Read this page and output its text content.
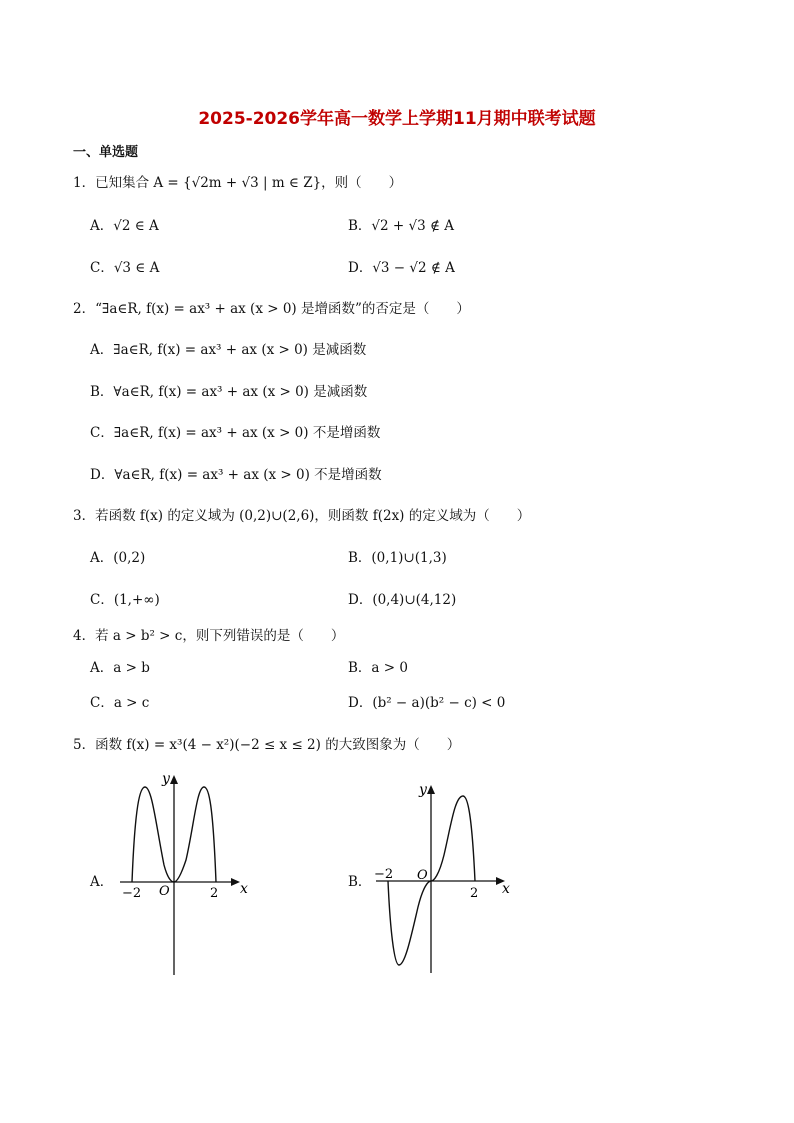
2025-2026学年高一数学上学期11月期中联考试题
一、单选题
1．已知集合 A = {√2m + √3 | m ∈ Z}，则（　　）
A．√2 ∈ A	B．√2 + √3 ∉ A
C．√3 ∈ A	D．√3 − √2 ∉ A
2．“∃a∈R, f(x) = ax³ + ax (x > 0) 是增函数”的否定是（　　）
A．∃a∈R, f(x) = ax³ + ax (x > 0) 是减函数
B．∀a∈R, f(x) = ax³ + ax (x > 0) 是减函数
C．∃a∈R, f(x) = ax³ + ax (x > 0) 不是增函数
D．∀a∈R, f(x) = ax³ + ax (x > 0) 不是增函数
3．若函数 f(x) 的定义域为 (0,2)∪(2,6)，则函数 f(2x) 的定义域为（　　）
A．(0,2)	B．(0,1)∪(1,3)
C．(1,+∞)	D．(0,4)∪(4,12)
4．若 a > b² > c，则下列错误的是（　　）
A．a > b	B．a > 0
C．a > c	D．(b² − a)(b² − c) < 0
5．函数 f(x) = x³(4 − x²)(−2 ≤ x ≤ 2) 的大致图象为（　　）
A．	B．
x
y
O
−2	2	x
y
O
−2
2
